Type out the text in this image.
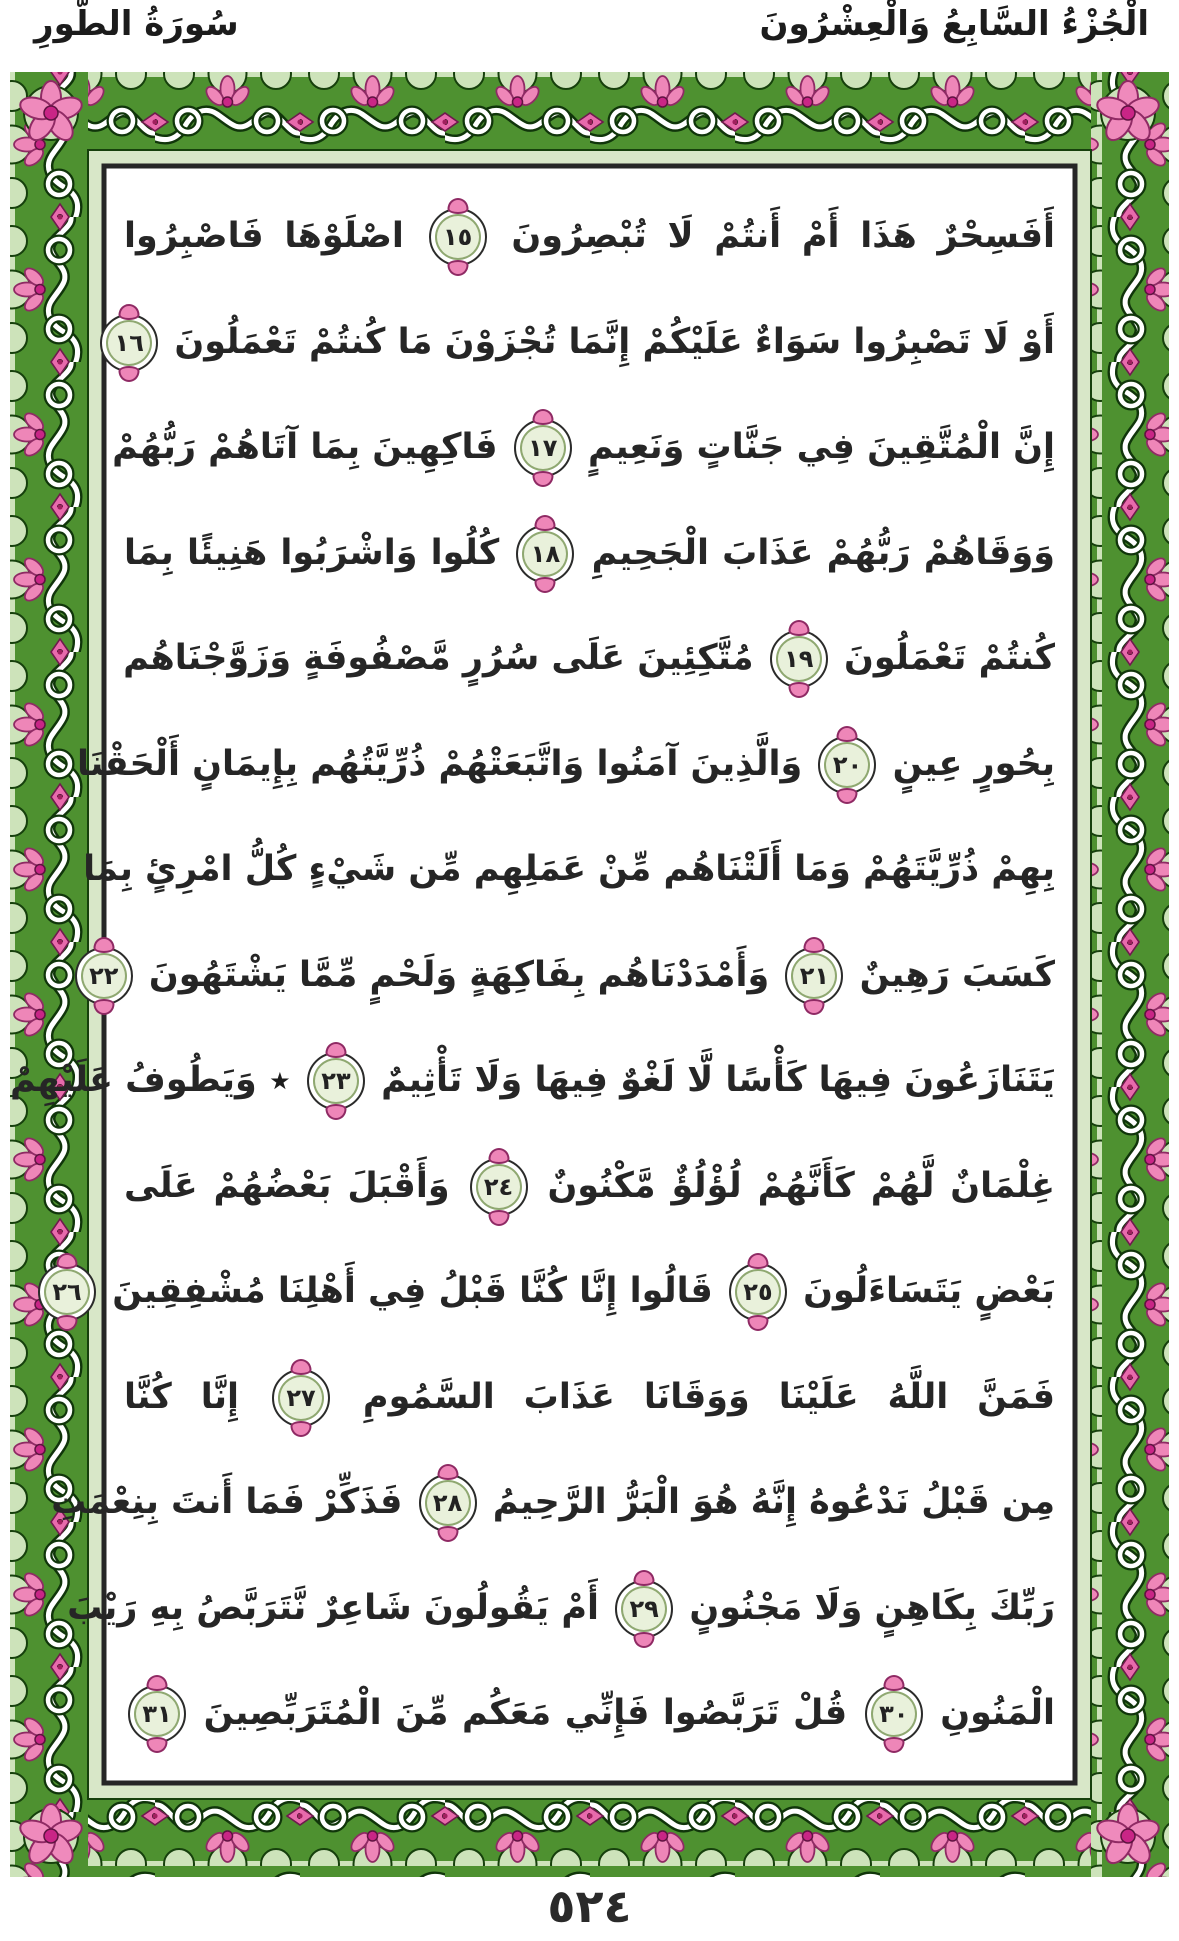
الْجُزْءُ السَّابِعُ وَالْعِشْرُونَ
سُورَةُ الطُّورِ
أَفَسِحْرٌ هَذَا أَمْ أَنتُمْ لَا تُبْصِرُونَ
١٥
اصْلَوْهَا فَاصْبِرُوا
أَوْ لَا تَصْبِرُوا سَوَاءٌ عَلَيْكُمْ إِنَّمَا تُجْزَوْنَ مَا كُنتُمْ تَعْمَلُونَ
١٦
إِنَّ الْمُتَّقِينَ فِي جَنَّاتٍ وَنَعِيمٍ
١٧
فَاكِهِينَ بِمَا آتَاهُمْ رَبُّهُمْ
وَوَقَاهُمْ رَبُّهُمْ عَذَابَ الْجَحِيمِ
١٨
كُلُوا وَاشْرَبُوا هَنِيئًا بِمَا
كُنتُمْ تَعْمَلُونَ
١٩
مُتَّكِئِينَ عَلَى سُرُرٍ مَّصْفُوفَةٍ وَزَوَّجْنَاهُم
بِحُورٍ عِينٍ
٢٠
وَالَّذِينَ آمَنُوا وَاتَّبَعَتْهُمْ ذُرِّيَّتُهُم بِإِيمَانٍ أَلْحَقْنَا
بِهِمْ ذُرِّيَّتَهُمْ وَمَا أَلَتْنَاهُم مِّنْ عَمَلِهِم مِّن شَيْءٍ كُلُّ امْرِئٍ بِمَا
كَسَبَ رَهِينٌ
٢١
وَأَمْدَدْنَاهُم بِفَاكِهَةٍ وَلَحْمٍ مِّمَّا يَشْتَهُونَ
٢٢
يَتَنَازَعُونَ فِيهَا كَأْسًا لَّا لَغْوٌ فِيهَا وَلَا تَأْثِيمٌ
٢٣
٭ وَيَطُوفُ عَلَيْهِمْ
غِلْمَانٌ لَّهُمْ كَأَنَّهُمْ لُؤْلُؤٌ مَّكْنُونٌ
٢٤
وَأَقْبَلَ بَعْضُهُمْ عَلَى
بَعْضٍ يَتَسَاءَلُونَ
٢٥
قَالُوا إِنَّا كُنَّا قَبْلُ فِي أَهْلِنَا مُشْفِقِينَ
٢٦
فَمَنَّ اللَّهُ عَلَيْنَا وَوَقَانَا عَذَابَ السَّمُومِ
٢٧
إِنَّا كُنَّا
مِن قَبْلُ نَدْعُوهُ إِنَّهُ هُوَ الْبَرُّ الرَّحِيمُ
٢٨
فَذَكِّرْ فَمَا أَنتَ بِنِعْمَتِ
رَبِّكَ بِكَاهِنٍ وَلَا مَجْنُونٍ
٢٩
أَمْ يَقُولُونَ شَاعِرٌ نَّتَرَبَّصُ بِهِ رَيْبَ
الْمَنُونِ
٣٠
قُلْ تَرَبَّصُوا فَإِنِّي مَعَكُم مِّنَ الْمُتَرَبِّصِينَ
٣١
٥٢٤
